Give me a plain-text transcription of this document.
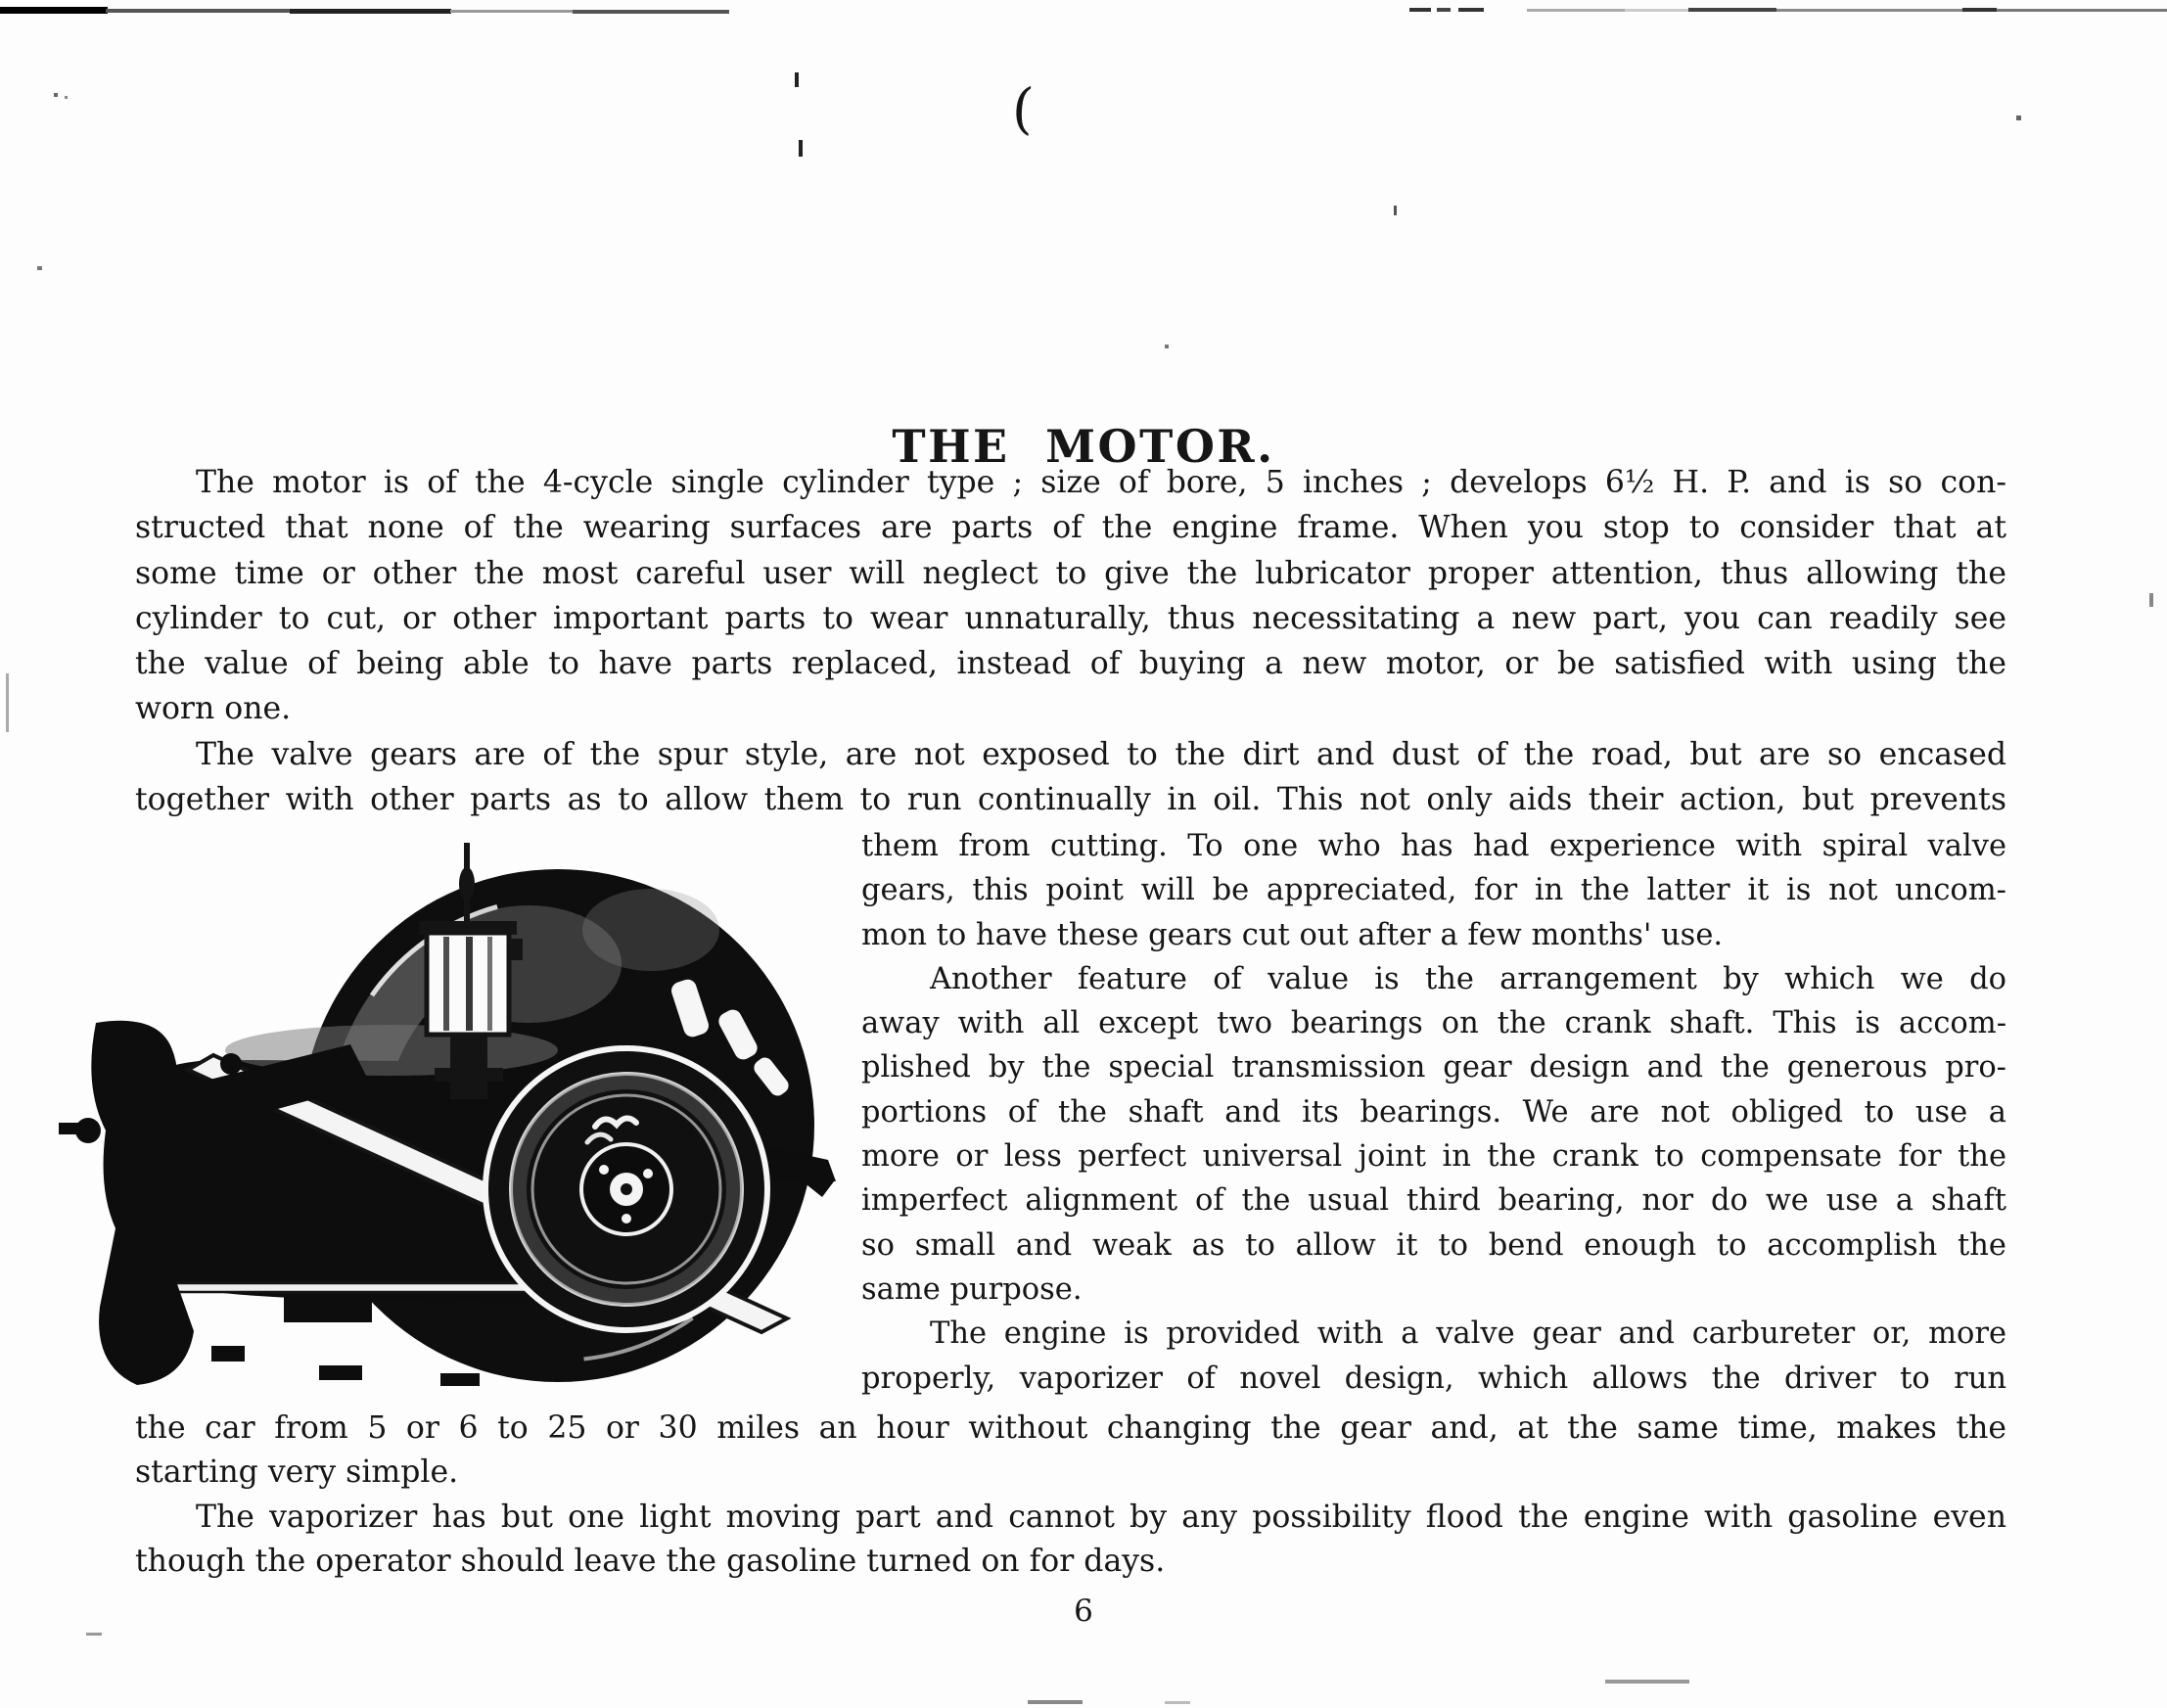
(
THE MOTOR.
The motor is of the 4-cycle single cylinder type ; size of bore, 5 inches ; develops 6½ H. P. and is so con-
structed that none of the wearing surfaces are parts of the engine frame. When you stop to consider that at
some time or other the most careful user will neglect to give the lubricator proper attention, thus allowing the
cylinder to cut, or other important parts to wear unnaturally, thus necessitating a new part, you can readily see
the value of being able to have parts replaced, instead of buying a new motor, or be satisfied with using the
worn one.
The valve gears are of the spur style, are not exposed to the dirt and dust of the road, but are so encased
together with other parts as to allow them to run continually in oil. This not only aids their action, but prevents
them from cutting. To one who has had experience with spiral valve
gears, this point will be appreciated, for in the latter it is not uncom-
mon to have these gears cut out after a few months' use.
Another feature of value is the arrangement by which we do
away with all except two bearings on the crank shaft. This is accom-
plished by the special transmission gear design and the generous pro-
portions of the shaft and its bearings. We are not obliged to use a
more or less perfect universal joint in the crank to compensate for the
imperfect alignment of the usual third bearing, nor do we use a shaft
so small and weak as to allow it to bend enough to accomplish the
same purpose.
The engine is provided with a valve gear and carbureter or, more
properly, vaporizer of novel design, which allows the driver to run
the car from 5 or 6 to 25 or 30 miles an hour without changing the gear and, at the same time, makes the
starting very simple.
The vaporizer has but one light moving part and cannot by any possibility flood the engine with gasoline even
though the operator should leave the gasoline turned on for days.
6
